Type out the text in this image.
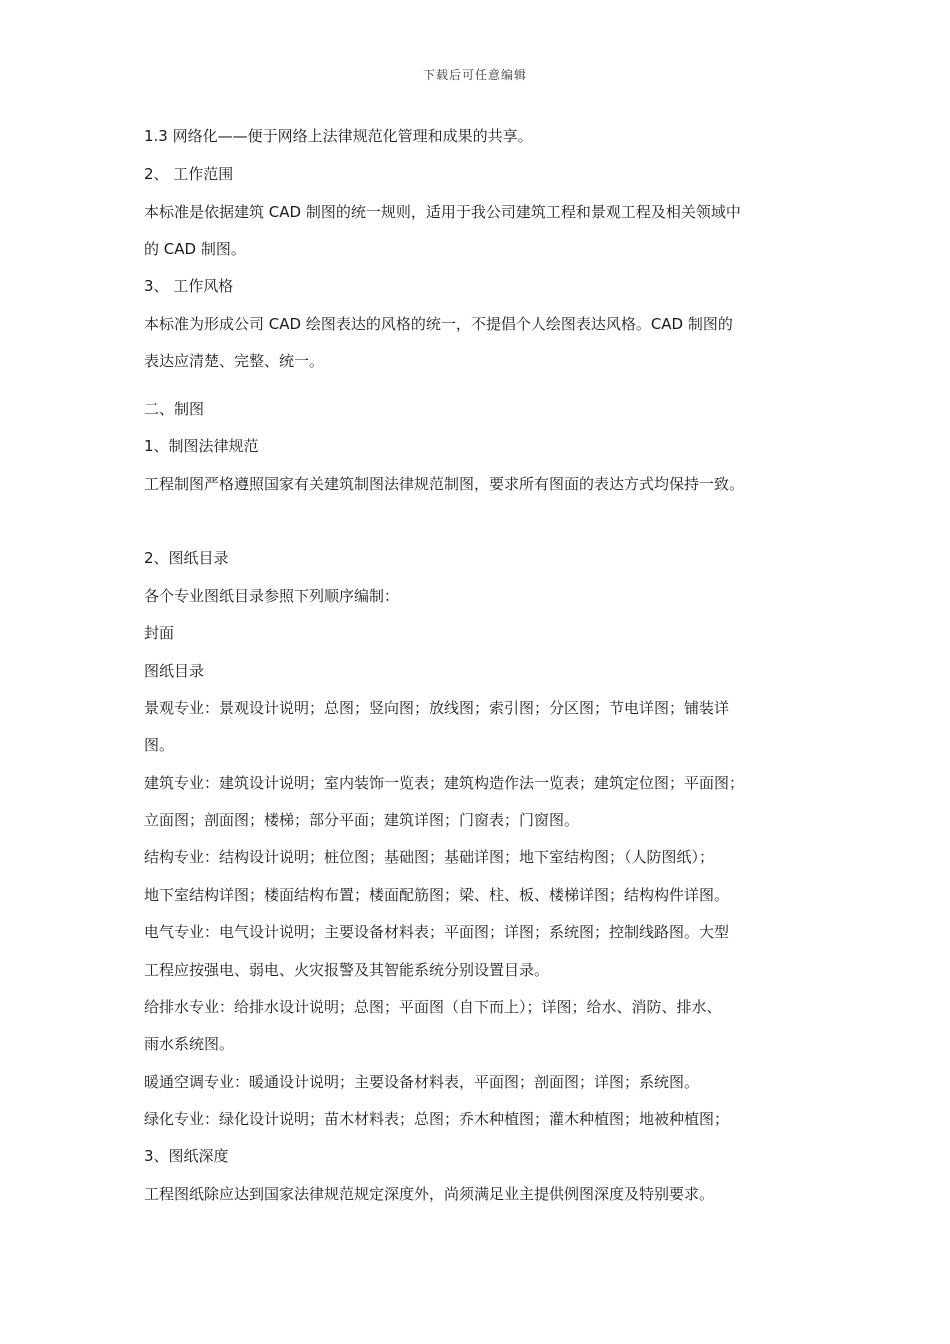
下载后可任意编辑
1.3 网络化——便于网络上法律规范化管理和成果的共享。
2、 工作范围
本标准是依据建筑 CAD 制图的统一规则，适用于我公司建筑工程和景观工程及相关领域中
的 CAD 制图。
3、 工作风格
本标准为形成公司 CAD 绘图表达的风格的统一，不提倡个人绘图表达风格。CAD 制图的
表达应清楚、完整、统一。
二、制图
1、制图法律规范
工程制图严格遵照国家有关建筑制图法律规范制图，要求所有图面的表达方式均保持一致。
2、图纸目录
各个专业图纸目录参照下列顺序编制：
封面
图纸目录
景观专业：景观设计说明；总图；竖向图；放线图；索引图；分区图；节电详图；铺装详
图。
建筑专业：建筑设计说明；室内装饰一览表；建筑构造作法一览表；建筑定位图；平面图；
立面图；剖面图；楼梯；部分平面；建筑详图；门窗表；门窗图。
结构专业：结构设计说明；桩位图；基础图；基础详图；地下室结构图；（人防图纸）；
地下室结构详图；楼面结构布置；楼面配筋图；梁、柱、板、楼梯详图；结构构件详图。
电气专业：电气设计说明；主要设备材料表；平面图；详图；系统图；控制线路图。大型
工程应按强电、弱电、火灾报警及其智能系统分别设置目录。
给排水专业：给排水设计说明；总图；平面图（自下而上）；详图；给水、消防、排水、
雨水系统图。
暖通空调专业：暖通设计说明；主要设备材料表，平面图；剖面图；详图；系统图。
绿化专业：绿化设计说明；苗木材料表；总图；乔木种植图；灌木种植图；地被种植图；
3、图纸深度
工程图纸除应达到国家法律规范规定深度外，尚须满足业主提供例图深度及特别要求。
